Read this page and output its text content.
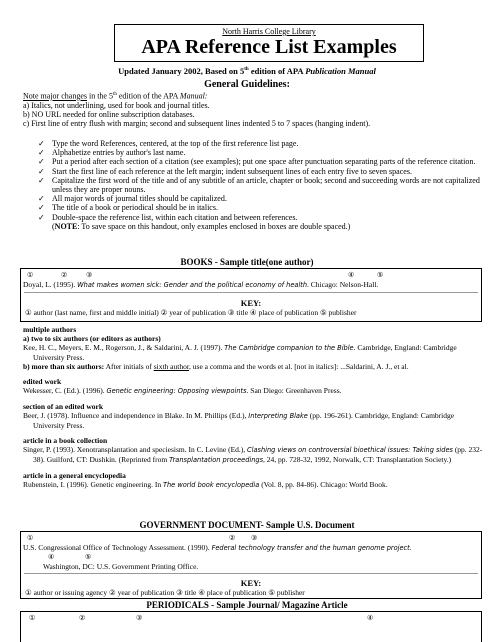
North Harris College Library
APA Reference List Examples
Updated January 2002, Based on 5th edition of APA Publication Manual
General Guidelines:
Note major changes in the 5th edition of the APA Manual:
a) Italics, not underlining, used for book and journal titles.
b) NO URL needed for online subscription databases.
c) First line of entry flush with margin; second and subsequent lines indented 5 to 7 spaces (hanging indent).
✓ Type the word References, centered, at the top of the first reference list page.
✓ Alphabetize entries by author's last name.
✓ Put a period after each section of a citation (see examples); put one space after punctuation separating parts of the reference citation.
✓ Start the first line of each reference at the left margin; indent subsequent lines of each entry five to seven spaces.
✓ Capitalize the first word of the title and of any subtitle of an article, chapter or book; second and succeeding words are not capitalized unless they are proper nouns.
✓ All major words of journal titles should be capitalized.
✓ The title of a book or periodical should be in italics.
✓ Double-space the reference list, within each citation and between references.
(NOTE: To save space on this handout, only examples enclosed in boxes are double spaced.)
BOOKS - Sample title(one author)
①	②	③	④	⑤
Doyal, L. (1995). What makes women sick: Gender and the political economy of health. Chicago: Nelson-Hall.
KEY:
① author (last name, first and middle initial) ② year of publication ③ title ④ place of publication ⑤ publisher
multiple authors
a) two to six authors (or editors as authors)
Kee, H. C., Meyers, E. M., Rogerson, J., & Saldarini, A. J. (1997). The Cambridge companion to the Bible. Cambridge, England: Cambridge University Press.
b) more than six authors: After initials of sixth author, use a comma and the words et al. [not in italics]: ...Saldarini, A. J., et al.
edited work
Wekesser, C. (Ed.). (1996). Genetic engineering: Opposing viewpoints. San Diego: Greenhaven Press.
section of an edited work
Beer, J. (1978). Influence and independence in Blake. In M. Phillips (Ed.), Interpreting Blake (pp. 196-261). Cambridge, England: Cambridge University Press.
article in a book collection
Singer, P. (1993). Xenotransplantation and speciesism. In C. Levine (Ed.), Clashing views on controversial bioethical issues: Taking sides (pp. 232-38). Guilford, CT: Dushkin. (Reprinted from Transplantation proceedings, 24, pp. 728-32, 1992, Norwalk, CT: Transplantation Society.)
article in a general encyclopedia
Rubenstein, I. (1996). Genetic engineering. In The world book encyclopedia (Vol. 8, pp. 84-86). Chicago: World Book.
GOVERNMENT DOCUMENT- Sample U.S. Document
①	② ③
U.S. Congressional Office of Technology Assessment. (1990). Federal technology transfer and the human genome project.
④	⑤
Washington, DC: U.S. Government Printing Office.
KEY:
① author or issuing agency ② year of publication ③ title ④ place of publication ⑤ publisher
PERIODICALS - Sample Journal/ Magazine Article
①	②	③	④
